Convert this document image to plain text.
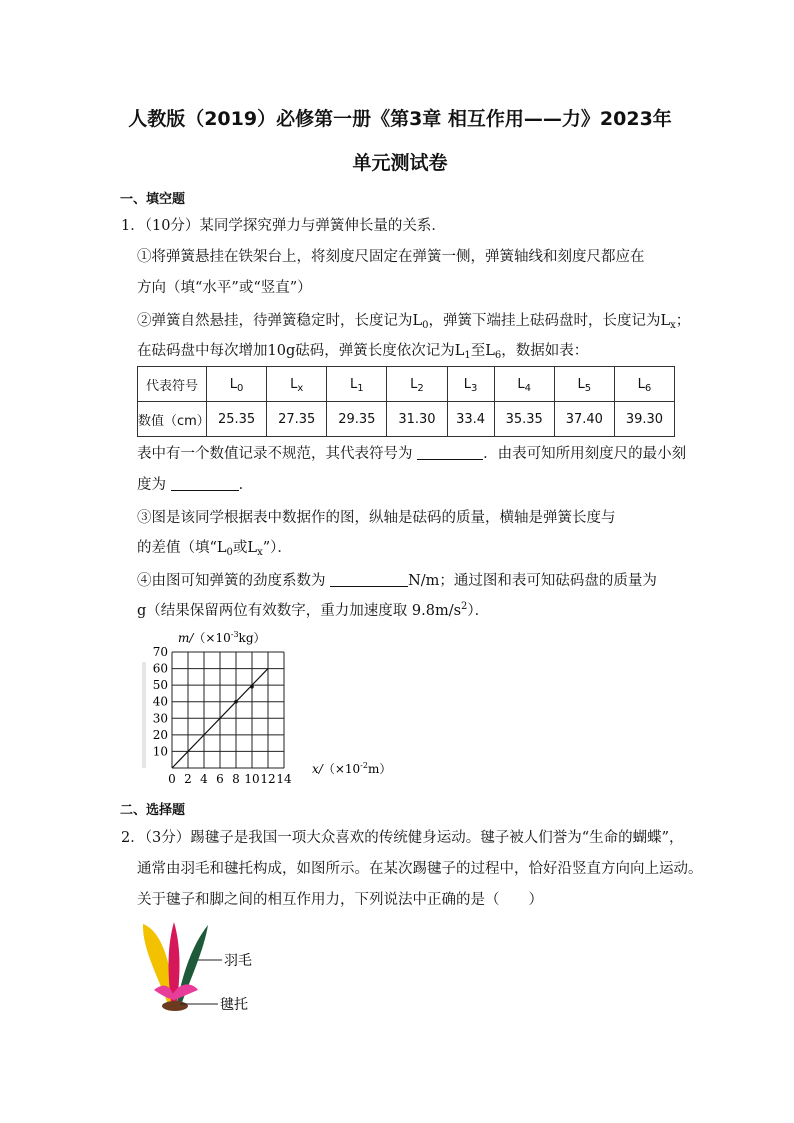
人教版（2019）必修第一册《第3章 相互作用——力》2023年
单元测试卷
一、填空题
1．（10分）某同学探究弹力与弹簧伸长量的关系．
①将弹簧悬挂在铁架台上，将刻度尺固定在弹簧一侧，弹簧轴线和刻度尺都应在
方向（填“水平”或“竖直”）
②弹簧自然悬挂，待弹簧稳定时，长度记为$L_0$，弹簧下端挂上砝码盘时，长度记为$L_x$；
在砝码盘中每次增加10g砝码，弹簧长度依次记为$L_1$至$L_6$，数据如表：
代表符号	$L_0$	$L_x$	$L_1$	$L_2$	$L_3$	$L_4$	$L_5$	$L_6$
数值（cm）	25.35	27.35	29.35	31.30	33.4	35.35	37.40	39.30
表中有一个数值记录不规范，其代表符号为	．由表可知所用刻度尺的最小刻
度为	．
③图是该同学根据表中数据作的图，纵轴是砝码的质量，横轴是弹簧长度与
的差值（填“$L_0$或$L_x$”）．
④由图可知弹簧的劲度系数为	N/m；通过图和表可知砝码盘的质量为
g（结果保留两位有效数字，重力加速度取 $9.8m/s^2$）．
10
20
30
40
50
60
70
0 2 4 6 8 10 12 14
$m/(\times 10^{-3}kg)$
$x/(\times 10^{-2}m)$
二、选择题
2．（3分）踢毽子是我国一项大众喜欢的传统健身运动。毽子被人们誉为“生命的蝴蝶”，
通常由羽毛和毽托构成，如图所示。在某次踢毽子的过程中，恰好沿竖直方向向上运动。
关于毽子和脚之间的相互作用力，下列说法中正确的是（　　）
羽毛
毽托
